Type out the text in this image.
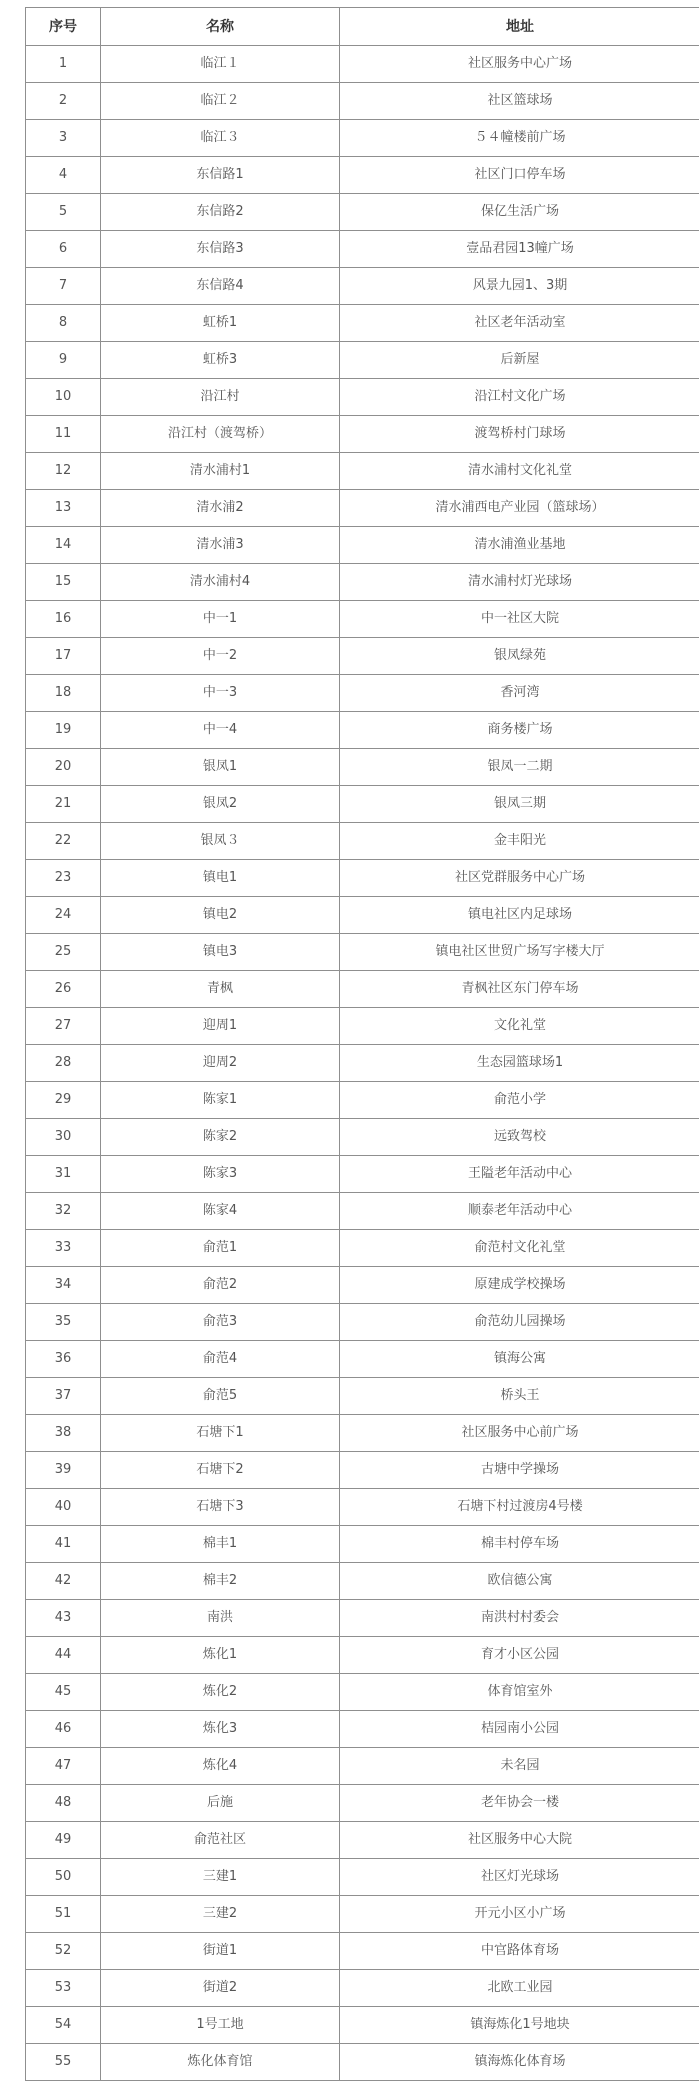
序号	名称	地址
1	临江１	社区服务中心广场
2	临江２	社区篮球场
3	临江３	５４幢楼前广场
4	东信路1	社区门口停车场
5	东信路2	保亿生活广场
6	东信路3	壹品君园13幢广场
7	东信路4	风景九园1、3期
8	虹桥1	社区老年活动室
9	虹桥3	后新屋
10	沿江村	沿江村文化广场
11	沿江村（渡驾桥）	渡驾桥村门球场
12	清水浦村1	清水浦村文化礼堂
13	清水浦2	清水浦西电产业园（篮球场）
14	清水浦3	清水浦渔业基地
15	清水浦村4	清水浦村灯光球场
16	中一1	中一社区大院
17	中一2	银凤绿苑
18	中一3	香河湾
19	中一4	商务楼广场
20	银凤1	银凤一二期
21	银凤2	银凤三期
22	银凤３	金丰阳光
23	镇电1	社区党群服务中心广场
24	镇电2	镇电社区内足球场
25	镇电3	镇电社区世贸广场写字楼大厅
26	青枫	青枫社区东门停车场
27	迎周1	文化礼堂
28	迎周2	生态园篮球场1
29	陈家1	俞范小学
30	陈家2	远致驾校
31	陈家3	王隘老年活动中心
32	陈家4	顺泰老年活动中心
33	俞范1	俞范村文化礼堂
34	俞范2	原建成学校操场
35	俞范3	俞范幼儿园操场
36	俞范4	镇海公寓
37	俞范5	桥头王
38	石塘下1	社区服务中心前广场
39	石塘下2	古塘中学操场
40	石塘下3	石塘下村过渡房4号楼
41	棉丰1	棉丰村停车场
42	棉丰2	欧信德公寓
43	南洪	南洪村村委会
44	炼化1	育才小区公园
45	炼化2	体育馆室外
46	炼化3	桔园南小公园
47	炼化4	未名园
48	后施	老年协会一楼
49	俞范社区	社区服务中心大院
50	三建1	社区灯光球场
51	三建2	开元小区小广场
52	街道1	中官路体育场
53	街道2	北欧工业园
54	1号工地	镇海炼化1号地块
55	炼化体育馆	镇海炼化体育场
